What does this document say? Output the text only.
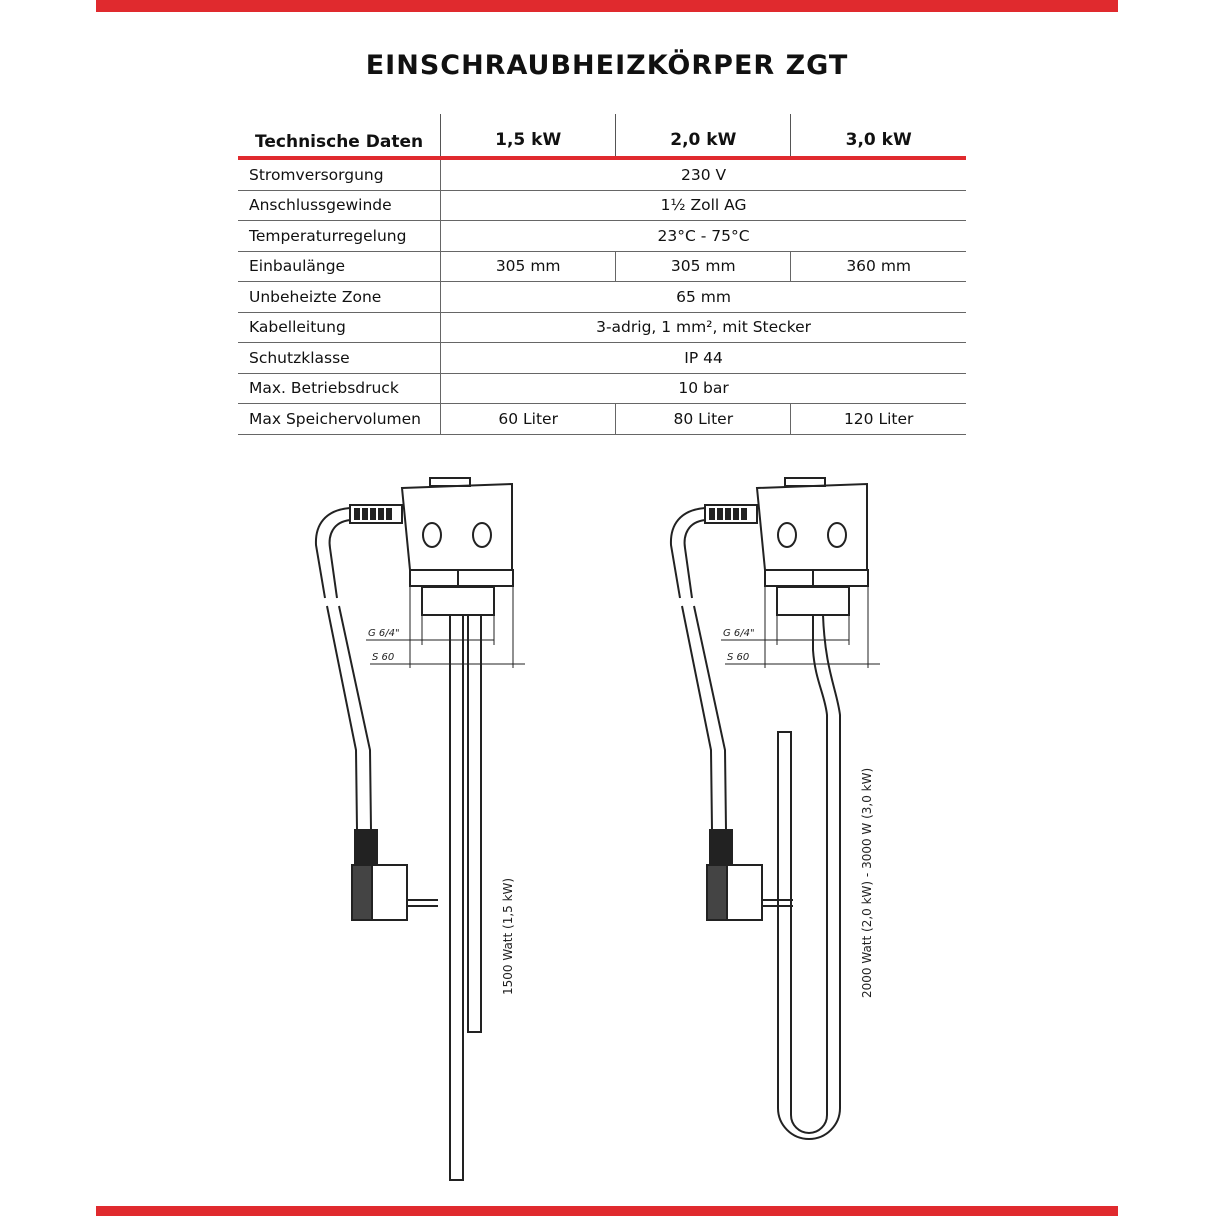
EINSCHRAUBHEIZKÖRPER ZGT
Technische Daten	1,5 kW	2,0 kW	3,0 kW
Stromversorgung	230 V		
Anschlussgewinde	1½ Zoll AG		
Temperaturregelung	23°C - 75°C		
Einbaulänge	305 mm	305 mm	360 mm
Unbeheizte Zone	65 mm		
Kabelleitung	3-adrig, 1 mm², mit Stecker		
Schutzklasse	IP 44		
Max. Betriebsdruck	10 bar		
Max Speichervolumen	60 Liter	80 Liter	120 Liter
G 6/4"
S 60
1500 Watt (1,5 kW)
G 6/4"
S 60
2000 Watt (2,0 kW) - 3000 W (3,0 kW)
